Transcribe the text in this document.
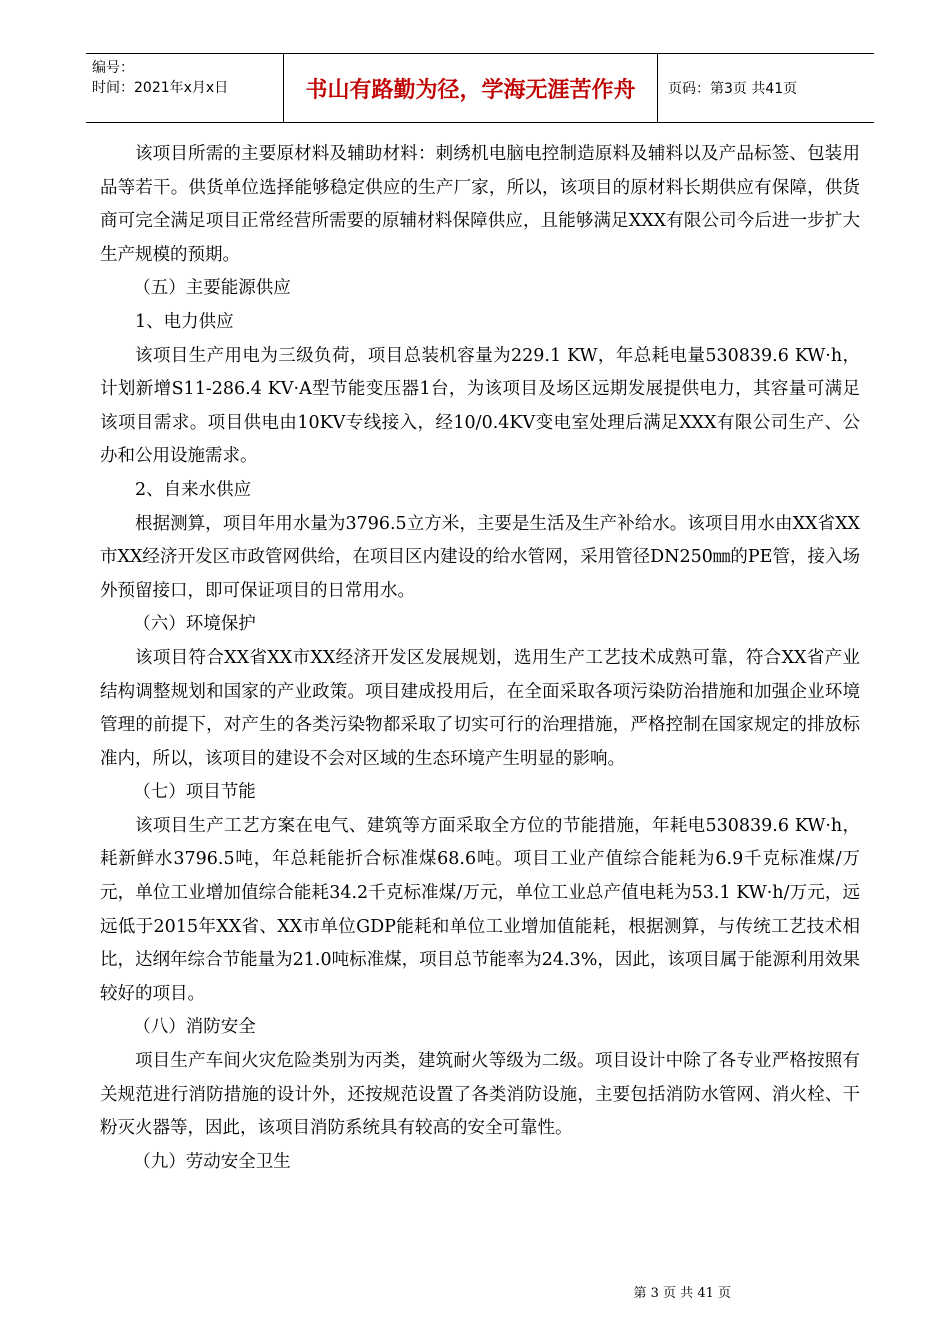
编号：
时间：2021年x月x日	书山有路勤为径，学海无涯苦作舟	页码：第3页 共41页

该项目所需的主要原材料及辅助材料：刺绣机电脑电控制造原料及辅料以及产品标签、包装用品等若干。供货单位选择能够稳定供应的生产厂家，所以，该项目的原材料长期供应有保障，供货商可完全满足项目正常经营所需要的原辅材料保障供应，且能够满足XXX有限公司今后进一步扩大生产规模的预期。

（五）主要能源供应

1、电力供应

该项目生产用电为三级负荷，项目总装机容量为229.1 KW，年总耗电量530839.6 KW·h，计划新增S11-286.4 KV·A型节能变压器1台，为该项目及场区远期发展提供电力，其容量可满足该项目需求。项目供电由10KV专线接入，经10/0.4KV变电室处理后满足XXX有限公司生产、公办和公用设施需求。

2、自来水供应

根据测算，项目年用水量为3796.5立方米，主要是生活及生产补给水。该项目用水由XX省XX市XX经济开发区市政管网供给，在项目区内建设的给水管网，采用管径DN250㎜的PE管，接入场外预留接口，即可保证项目的日常用水。

（六）环境保护

该项目符合XX省XX市XX经济开发区发展规划，选用生产工艺技术成熟可靠，符合XX省产业结构调整规划和国家的产业政策。项目建成投用后，在全面采取各项污染防治措施和加强企业环境管理的前提下，对产生的各类污染物都采取了切实可行的治理措施，严格控制在国家规定的排放标准内，所以，该项目的建设不会对区域的生态环境产生明显的影响。

（七）项目节能

该项目生产工艺方案在电气、建筑等方面采取全方位的节能措施，年耗电530839.6 KW·h，耗新鲜水3796.5吨，年总耗能折合标准煤68.6吨。项目工业产值综合能耗为6.9千克标准煤/万元，单位工业增加值综合能耗34.2千克标准煤/万元，单位工业总产值电耗为53.1 KW·h/万元，远远低于2015年XX省、XX市单位GDP能耗和单位工业增加值能耗，根据测算，与传统工艺技术相比，达纲年综合节能量为21.0吨标准煤，项目总节能率为24.3%，因此，该项目属于能源利用效果较好的项目。

（八）消防安全

项目生产车间火灾危险类别为丙类，建筑耐火等级为二级。项目设计中除了各专业严格按照有关规范进行消防措施的设计外，还按规范设置了各类消防设施，主要包括消防水管网、消火栓、干粉灭火器等，因此，该项目消防系统具有较高的安全可靠性。

（九）劳动安全卫生

第 3 页 共 41 页
